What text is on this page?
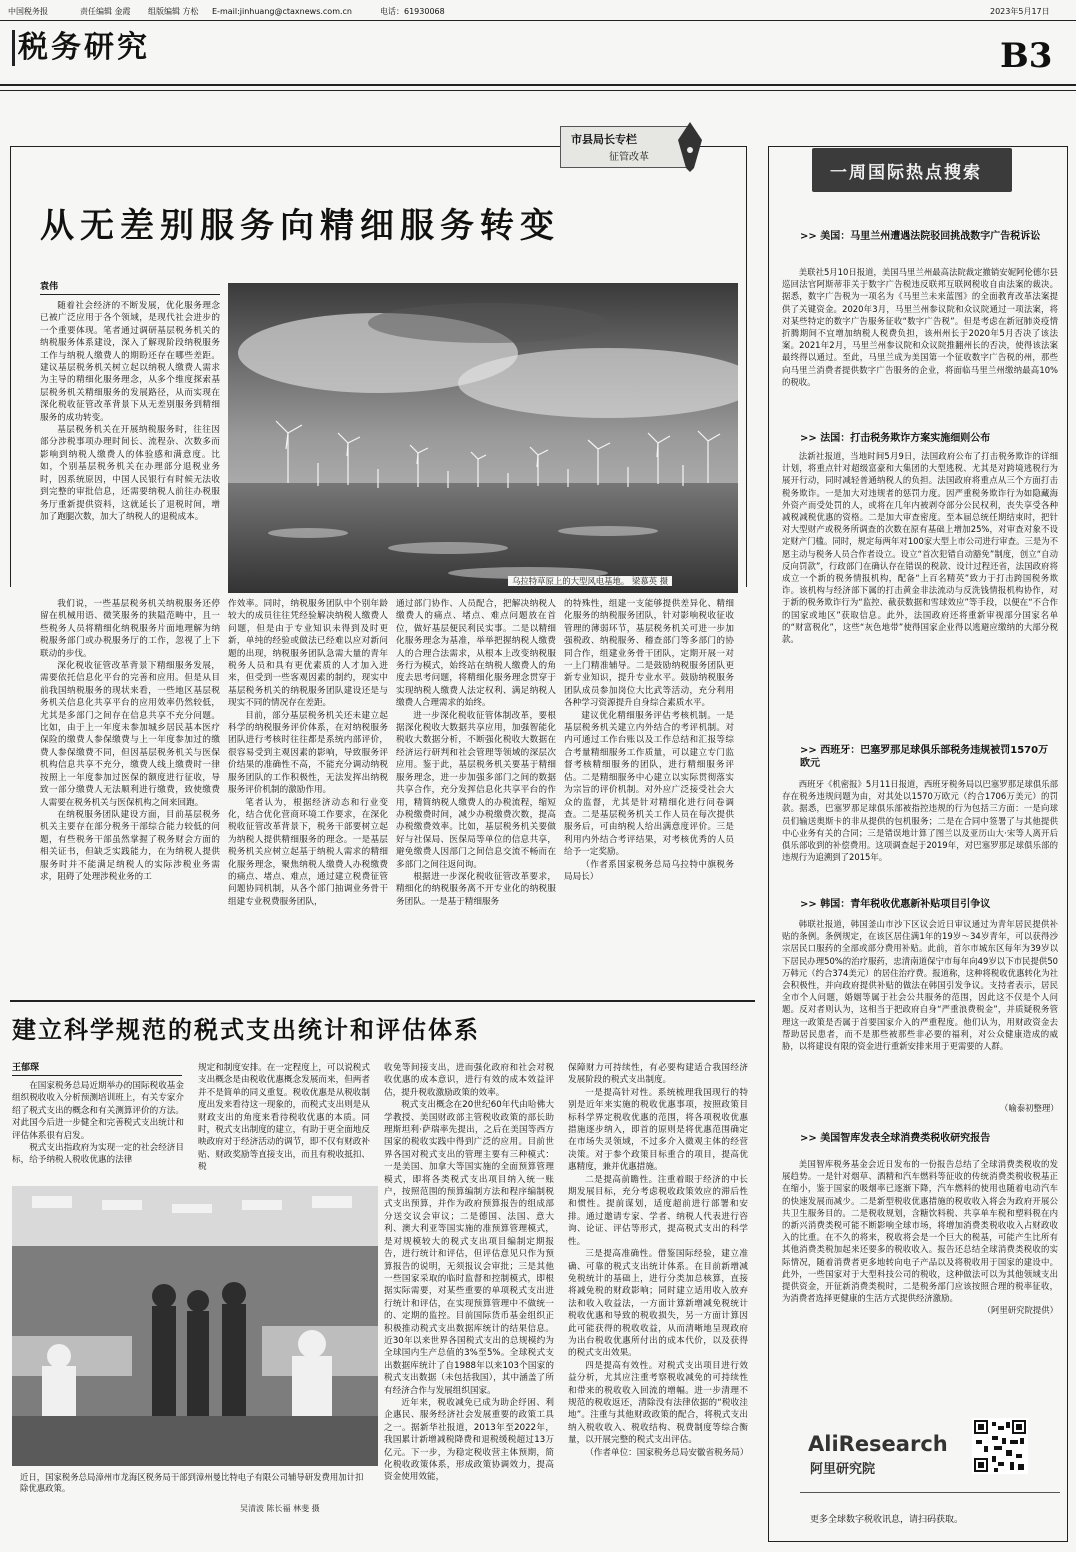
中国税务报	责任编辑 金霞 组版编辑 方松 E-mail:jinhuang@ctaxnews.com.cn	电话：61930068	2023年5月17日
税务研究	B3
市县局长专栏
征管改革
从无差别服务向精细服务转变
袁伟
乌拉特草原上的大型风电基地。 梁慕英 摄

随着社会经济的不断发展，优化服务理念已被广泛应用于各个领域，是现代社会进步的一个重要体现。笔者通过调研基层税务机关的纳税服务体系建设，深入了解现阶段纳税服务工作与纳税人缴费人的期盼还存在哪些差距。建议基层税务机关树立起以纳税人缴费人需求为主导的精细化服务理念，从多个维度探索基层税务机关精细服务的发展路径，从而实现在深化税收征管改革背景下从无差别服务到精细服务的成功转变。

基层税务机关在开展纳税服务时，往往因部分涉税事项办理时间长、流程杂、次数多而影响到纳税人缴费人的体验感和满意度。比如，个别基层税务机关在办理部分退税业务时，因系统原因，中国人民银行有时候无法收到完整的审批信息，还需要纳税人前往办税服务厅重新提供资料，这就延长了退税时间，增加了跑腿次数，加大了纳税人的退税成本。

我们说，一些基层税务机关纳税服务还停留在机械用语、微笑服务的狭隘范畴中，且一些税务人员将精细化纳税服务片面地理解为纳税服务部门或办税服务厅的工作，忽视了上下联动的步伐。

深化税收征管改革背景下精细服务发展，需要依托信息化平台的完善和应用。但是从目前我国纳税服务的现状来看，一些地区基层税务机关信息化共享平台的应用效率仍然较低，尤其是多部门之间存在信息共享不充分问题。比如，由于上一年度未参加城乡居民基本医疗保险的缴费人参保缴费与上一年度参加过的缴费人参保缴费不同，但因基层税务机关与医保机构信息共享不充分，缴费人线上缴费时一律按照上一年度参加过医保的额度进行征收，导致一部分缴费人无法顺利进行缴费，致使缴费人需要在税务机关与医保机构之间来回跑。

在纳税服务团队建设方面，目前基层税务机关主要存在部分税务干部综合能力较低的问题，有些税务干部虽然掌握了税务财会方面的相关证书，但缺乏实践能力，在为纳税人提供服务时并不能满足纳税人的实际涉税业务需求，阻碍了处理涉税业务的工

作效率。同时，纳税服务团队中个别年龄较大的成员往往凭经验解决纳税人缴费人问题，但是由于专业知识未得到及时更新，单纯的经验或做法已经难以应对新问题的出现，纳税服务团队急需大量的青年税务人员和具有更优素质的人才加入进来，但受到一些客观因素的制约，现实中基层税务机关的纳税服务团队建设还是与现实不同的情况存在差距。

目前，部分基层税务机关还未建立起科学的纳税服务评价体系，在对纳税服务团队进行考核时往往都是系统内部评价，很容易受到主观因素的影响，导致服务评价结果的准确性不高，不能充分调动纳税服务团队的工作积极性，无法发挥出纳税服务评价机制的激励作用。

笔者认为，根据经济动态和行业变化，结合优化营商环境工作要求，在深化税收征管改革背景下，税务干部要树立起为纳税人提供精细服务的理念。一是基层税务机关应树立起基于纳税人需求的精细化服务理念，聚焦纳税人缴费人办税缴费的痛点、堵点、难点，通过建立税费征管问题协同机制，从各个部门抽调业务骨干组建专业税费服务团队，

通过部门协作、人员配合，把解决纳税人缴费人的痛点、堵点、难点问题放在首位，做好基层便民利民实事。二是以精细化服务理念为基准，举举把握纳税人缴费人的合理合法需求，从根本上改变纳税服务行为模式，始终站在纳税人缴费人的角度去思考问题，将精细化服务理念贯穿于实现纳税人缴费人法定权利、满足纳税人缴费人合理需求的始终。

进一步深化税收征管体制改革，要根据深化税收大数据共享应用，加强智能化税收大数据分析，不断强化税收大数据在经济运行研判和社会管理等领域的深层次应用。鉴于此，基层税务机关要基于精细服务理念，进一步加强多部门之间的数据共享合作，充分发挥信息化共享平台的作用，精简纳税人缴费人的办税流程，缩短办税缴费时间，减少办税缴费次数，提高办税缴费效率。比如，基层税务机关要做好与社保局、医保局等单位的信息共享，避免缴费人因部门之间信息交流不畅而在多部门之间往返问询。

根据进一步深化税收征管改革要求，精细化的纳税服务离不开专业化的纳税服务团队。一是基于精细服务

的特殊性，组建一支能够提供差异化、精细化服务的纳税服务团队，针对影响税收征收管理的薄弱环节，基层税务机关可进一步加强税政、纳税服务、稽查部门等多部门的协同合作，组建业务骨干团队，定期开展一对一上门精准辅导。二是鼓励纳税服务团队更新专业知识，提升专业水平。鼓励纳税服务团队成员参加岗位大比武等活动，充分利用各种学习资源提升自身综合素质水平。

建议优化精细服务评估考核机制。一是基层税务机关建立内外结合的考评机制。对内可通过工作台账以及工作总结和汇报等综合考量精细服务工作质量，可以建立专门监督考核精细服务的团队，进行精细服务评估。二是精细服务中心建立以实际贯彻落实为宗旨的评价机制。对外应广泛接受社会大众的监督，尤其是针对精细化进行问卷调查。二是基层税务机关工作人员在每次提供服务后，可由纳税人给出满意度评价。三是利用内外结合考评结果，对考核优秀的人员给予一定奖励。

（作者系国家税务总局乌拉特中旗税务局局长）

建立科学规范的税式支出统计和评估体系
王郁琛

在国家税务总局近期举办的国际税收基金组织税收收入分析预测培训班上，有关专家介绍了税式支出的概念和有关测算评价的方法。对此国今后进一步健全和完善税式支出统计和评估体系很有启发。

税式支出指政府为实现一定的社会经济目标，给予纳税人税收优惠的法律

规定和制度安排。在一定程度上，可以说税式支出概念是由税收优惠概念发展而来，但两者并不是简单的同义重复。税收优惠是从税收制度出发来看待这一现象的，而税式支出则是从财政支出的角度来看待税收优惠的本质。同时，税式支出制度的建立，有助于更全面地反映政府对于经济活动的调节，即不仅有财政补贴、财政奖励等直接支出，而且有税收抵扣、税

收免等间接支出，进而强化政府和社会对税收优惠的成本意识，进行有效的成本效益评估，提升税收激励政策的效率。

税式支出概念在20世纪60年代由哈佛大学教授、美国财政部主管税收政策的部长助理斯坦利·萨瑞率先提出，之后在美国等西方国家的税收实践中得到广泛的应用。目前世界各国对税式支出的管理主要有三种模式：一是美国、加拿大等国实施的全面预算管理模式，即将各类税式支出项目纳入统一账户，按照范围的预算编制方法和程序编制税式支出预算，并作为政府预算报告的组成部分送交议会审议；二是德国、法国、意大利、澳大利亚等国实施的准预算管理模式，是对规模较大的税式支出项目编制定期报告，进行统计和评估，但评估意见只作为预算报告的说明，无须报议会审批；三是其他一些国家采取的临时监督和控制模式，即根据实际需要，对某些重要的单项税式支出进行统计和评估，在实现预算管理中不做统一的、定期的监控。目前国际货币基金组织正积极推动税式支出数据库统计的结果信息。近30年以来世界各国税式支出的总规模约为全球国内生产总值的3%至5%。全球税式支出数据库统计了自1988年以来103个国家的税式支出数据（未包括我国），其中涵盖了所有经济合作与发展组织国家。

近年来，税收减免已成为助企纾困、利企惠民、服务经济社会发展重要的政策工具之一。据新华社报道，2013年至2022年，我国累计新增减税降费和退税缓税超过13万亿元。下一步，为稳定税收营主体预期，简化税收政策体系，形成政策协调效力，提高资金使用效能，

保障财力可持续性，有必要构建适合我国经济发展阶段的税式支出制度。

一是提高针对性。系统梳理我国现行的特别是近年来实施的税收优惠事项，按照政策目标科学界定税收优惠的范围，将各项税收优惠措施逐步纳入，即首的原则是将优惠范围确定在市场失灵领域，不过多介入微观主体的经营决策。对于参个政策目标重合的项目，提高优惠精度，兼并优惠措施。

二是提高前瞻性。注重着眼于经济的中长期发展目标，充分考虑税收政策效应的滞后性和惯性。提前谋划，适度超前进行部署和安排。通过邀请专家、学者、纳税人代表进行咨询、论证、评估等形式，提高税式支出的科学性。

三是提高准确性。借鉴国际经验，建立准确、可靠的税式支出统计体系。在目前新增减免税统计的基础上，进行分类加总核算，直接将减免税的财政影响；同时建立适用收入放弃法和收入收益法，一方面计算新增减免税统计税收优惠和导致的税收损失，另一方面计算因此可能获得的税收收益，从而清晰地呈现政府为出台税收优惠所付出的成本代价，以及获得的税式支出效果。

四是提高有效性。对税式支出项目进行效益分析，尤其应注重考察税收减免的可持续性和带来的税收收入回流的增幅。进一步清理不规范的税收返还，清除没有法律依据的“税收洼地”。注重与其他财政政策的配合，将税式支出纳入税收收入、税收结构、税费制度等综合衡量，以开展完整的税式支出评估。

（作者单位：国家税务总局安徽省税务局）

近日，国家税务总局漳州市龙海区税务局干部到漳州曼比特电子有限公司辅导研发费用加计扣除优惠政策。
吴清波 陈长福 林斐 摄
一周国际热点搜索
>> 美国：马里兰州遭遇法院驳回挑战数字广告税诉讼

美联社5月10日报道，美国马里兰州最高法院裁定撤销安妮阿伦德尔县巡回法官阿斯蒂菲关于数字广告税违反联邦互联网税收自由法案的裁决。据悉，数字广告税为一项名为《马里兰未来蓝图》的全面教育改革法案提供了关键资金。2020年3月，马里兰州参议院和众议院通过一项法案，将对某些特定的数字广告服务征收“数字广告税”。但是考虑在新冠肺炎疫情折腾期间不宜增加纳税人税费负担，该州州长于2020年5月否决了该法案。2021年2月，马里兰州参议院和众议院推翻州长的否决，使得该法案最终得以通过。至此，马里兰成为美国第一个征收数字广告税的州，那些向马里兰消费者提供数字广告服务的企业，将面临马里兰州缴纳最高10%的税收。

>> 法国：打击税务欺诈方案实施细则公布

法新社报道，当地时间5月9日，法国政府公布了打击税务欺诈的详细计划，将重点针对超级富豪和大集团的大型逃税、尤其是对跨境逃税行为展开行动，同时减轻普通纳税人的负担。法国政府将重点从三个方面打击税务欺诈。一是加大对违规者的惩罚力度。因严重税务欺诈行为如隐藏海外资产而受处罚的人，或将在几年内被剥夺部分公民权利，丧失享受各种减税减税优惠的资格。二是加大审查密度。至本届总统任期结束时，把针对大型财产或税务所调查的次数在原有基础上增加25%，对审查对象不设定财产门槛。同时，规定每两年对100家大型上市公司进行审查。三是为不愿主动与税务人员合作者设立。设立“首次犯错自动豁免”制度，创立“自动反向罚款”，行政部门在确认存在错误的税款、设计过程还省，法国政府将成立一个新的税务情报机构，配备“上百名精英”致力于打击跨国税务欺诈。该机构与经济部下属的打击黄金非法流动与反洗钱情报机构协作，对于新的税务欺诈行为“监控、截获数据和雪球效应”等手段，以便在“不合作的国家或地区”获取信息。此外，法国政府还将重新审视部分国家名单的“财富税化”，这些“灰色地带”使得国家企业得以逃避应缴纳的大部分税款。

>> 西班牙：巴塞罗那足球俱乐部税务违规被罚1570万欧元

西班牙《机密报》5月11日报道，西班牙税务局以巴塞罗那足球俱乐部存在税务违规问题为由，对其处以1570万欧元（约合1706万美元）的罚款。据悉，巴塞罗那足球俱乐部被指控违规的行为包括三方面：一是向球员们输送奥斯卡的非从提供的包机服务；二是在合同中签署了与其他提供中心业务有关的合同；三是错误地计算了图兰以及亚历山大·宋等人离开后俱乐部收到的补偿费用。这项调查起于2019年，对巴塞罗那足球俱乐部的违规行为追溯到了2015年。

>> 韩国：青年税收优惠新补贴项目引争议

韩联社报道，韩国釜山市沙下区议会近日审议通过为青年居民提供补贴的条例。条例规定，在该区居住满1年的19岁～34岁青年，可以获得沙宗居民口服药的全部或部分费用补贴。此前，首尔市城东区每年为39岁以下居民办理50%的治疗服药，忠清南道保宁市每年向49岁以下市民提供50万韩元（约合374美元）的居住治疗费。报道称，这种将税收优惠转化为社会积极性，并向政府提供补贴的做法在韩国引发争议。支持者表示，居民全市个人问题，婚姻等属于社会公共服务的范围，因此这不仅是个人问题。反对者则认为，这相当于把政府自身“严重浪费税金”，并质疑税务管理这一政策是否属于首要国家介入的严重程度。他们认为，用财政资金去帮助居民患者，而不是那些被那些非必要的福利，对公众健康造成的威胁，以将建设有限的资金进行重新安排来用于更需要的人群。

（喻泰初整理）
>> 美国智库发表全球消费类税收研究报告

美国智库税务基金会近日发布的一份报告总结了全球消费类税收的发展趋势。一是针对烟草、酒精和汽车燃料等征收的传统消费类税收税基正在缩小，鉴于国家的吸烟率已逐渐下降，汽车燃料的使用也随着电动汽车的快速发展而减少。二是新型税收优惠措施的税收收入将会为政府开展公共卫生服务目的。二是税收规划，含糖饮料税、共享单车税和塑料税在内的新兴消费类税可能不断影响全球市场，将增加消费类税收收入占财政收入的比重。在不久的将来，税收将会是一个巨大的税基，可能产生比所有其他消费类税加起来还要多的税收收入。报告还总结全球消费类税收的实际情况，随着消费者更多地转向电子产品以及将税收用于国家的建设中。此外，一些国家对于大型科技公司的税收，这种做法可以为其他领域支出提供资金，开征新消费类税时，二是税务部门应该按照合理的税率征收，为消费者选择更健康的生活方式提供经济激励。

（阿里研究院提供）

AliResearch
阿里研究院
更多全球数字税收讯息，请扫码获取。
